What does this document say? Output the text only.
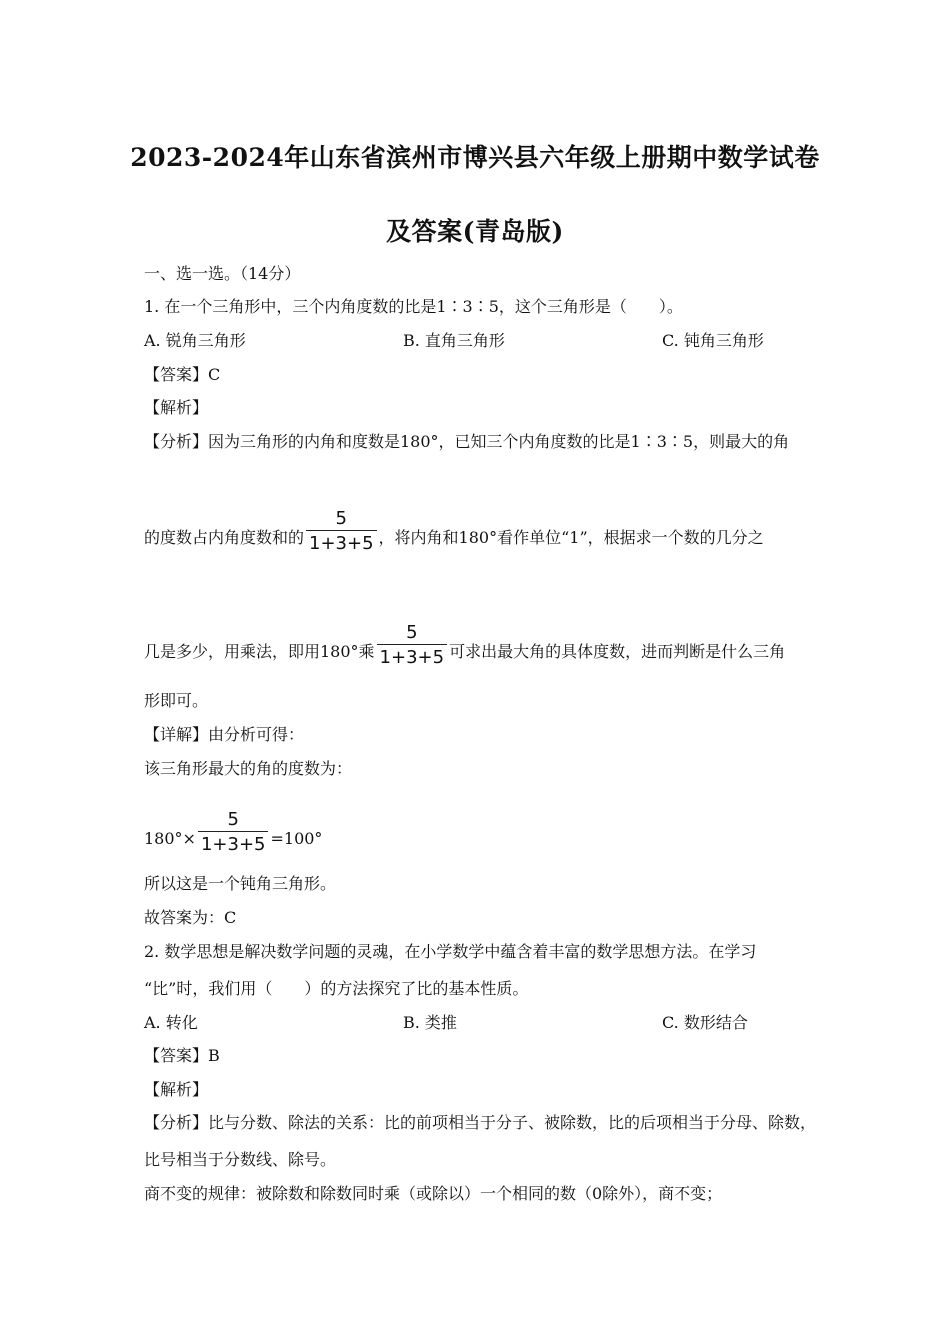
2023-2024年山东省滨州市博兴县六年级上册期中数学试卷
及答案(青岛版)
一、选一选。（14分）
1. 在一个三角形中，三个内角度数的比是1∶3∶5，这个三角形是（　　）。
A. 锐角三角形	B. 直角三角形	C. 钝角三角形
【答案】C
【解析】
【分析】因为三角形的内角和度数是180°，已知三个内角度数的比是1∶3∶5，则最大的角
的度数占内角度数和的 $\frac{5}{1+3+5}$ ，将内角和180°看作单位“1”，根据求一个数的几分之
几是多少，用乘法，即用180°乘 $\frac{5}{1+3+5}$ 可求出最大角的具体度数，进而判断是什么三角
形即可。
【详解】由分析可得：
该三角形最大的角的度数为：
$180^\circ\times \frac{5}{1+3+5} =100^\circ$
所以这是一个钝角三角形。
故答案为：C
2. 数学思想是解决数学问题的灵魂，在小学数学中蕴含着丰富的数学思想方法。在学习
“比”时，我们用（　　）的方法探究了比的基本性质。
A. 转化	B. 类推	C. 数形结合
【答案】B
【解析】
【分析】比与分数、除法的关系：比的前项相当于分子、被除数，比的后项相当于分母、除数，
比号相当于分数线、除号。
商不变的规律：被除数和除数同时乘（或除以）一个相同的数（0除外），商不变；
